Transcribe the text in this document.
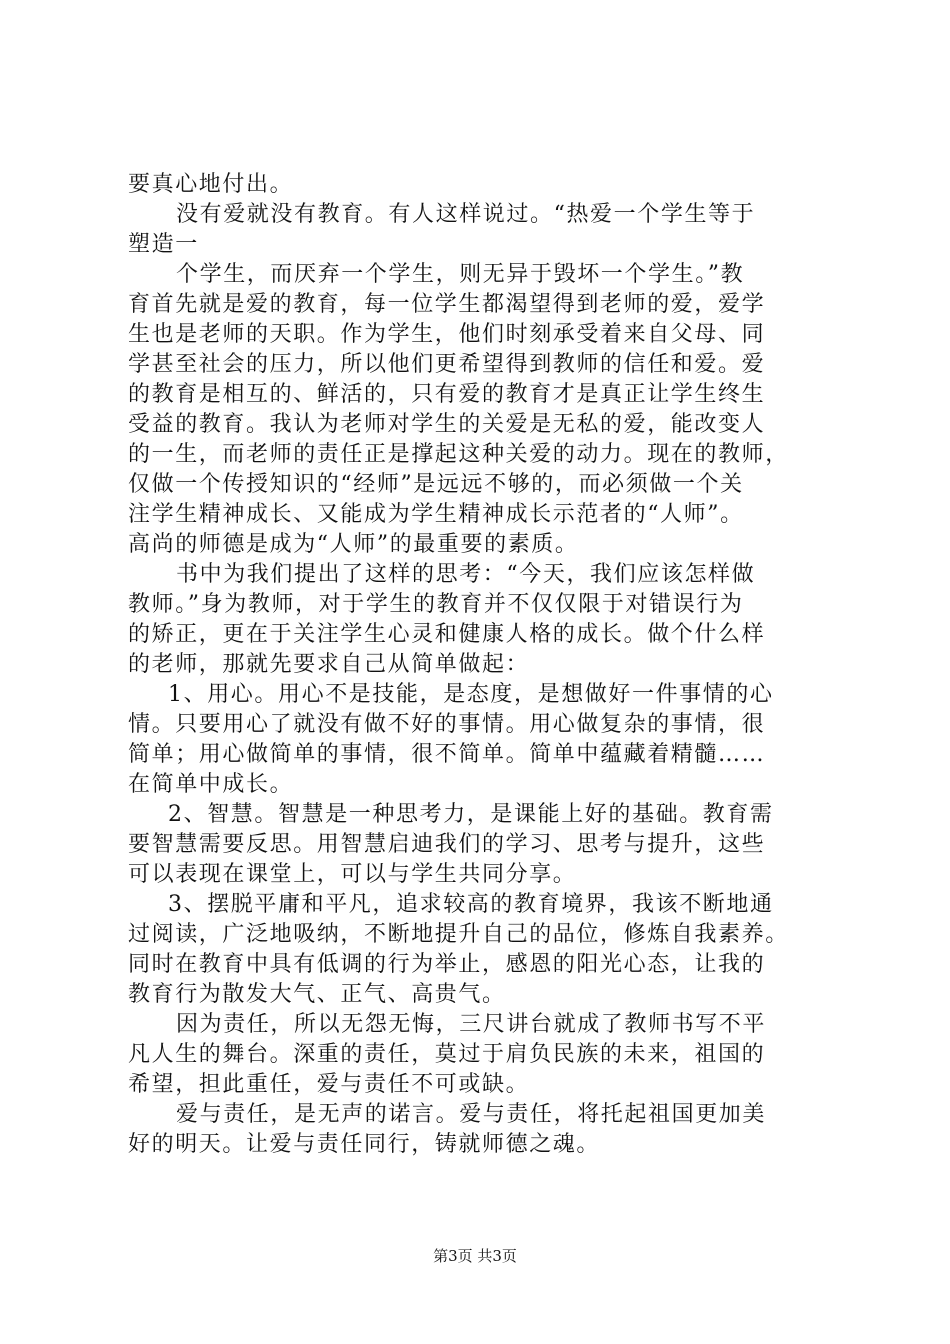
要真心地付出。
没有爱就没有教育。有人这样说过。“热爱一个学生等于
塑造一
个学生，而厌弃一个学生，则无异于毁坏一个学生。”教
育首先就是爱的教育，每一位学生都渴望得到老师的爱，爱学
生也是老师的天职。作为学生，他们时刻承受着来自父母、同
学甚至社会的压力，所以他们更希望得到教师的信任和爱。爱
的教育是相互的、鲜活的，只有爱的教育才是真正让学生终生
受益的教育。我认为老师对学生的关爱是无私的爱，能改变人
的一生，而老师的责任正是撑起这种关爱的动力。现在的教师，
仅做一个传授知识的“经师”是远远不够的，而必须做一个关
注学生精神成长、又能成为学生精神成长示范者的“人师”。
高尚的师德是成为“人师”的最重要的素质。
书中为我们提出了这样的思考：“今天，我们应该怎样做
教师。”身为教师，对于学生的教育并不仅仅限于对错误行为
的矫正，更在于关注学生心灵和健康人格的成长。做个什么样
的老师，那就先要求自己从简单做起：
1、用心。用心不是技能，是态度，是想做好一件事情的心
情。只要用心了就没有做不好的事情。用心做复杂的事情，很
简单；用心做简单的事情，很不简单。简单中蕴藏着精髓……
在简单中成长。
2、智慧。智慧是一种思考力，是课能上好的基础。教育需
要智慧需要反思。用智慧启迪我们的学习、思考与提升，这些
可以表现在课堂上，可以与学生共同分享。
3、摆脱平庸和平凡，追求较高的教育境界，我该不断地通
过阅读，广泛地吸纳，不断地提升自己的品位，修炼自我素养。
同时在教育中具有低调的行为举止，感恩的阳光心态，让我的
教育行为散发大气、正气、高贵气。
因为责任，所以无怨无悔，三尺讲台就成了教师书写不平
凡人生的舞台。深重的责任，莫过于肩负民族的未来，祖国的
希望，担此重任，爱与责任不可或缺。
爱与责任，是无声的诺言。爱与责任，将托起祖国更加美
好的明天。让爱与责任同行，铸就师德之魂。
第3页 共3页
